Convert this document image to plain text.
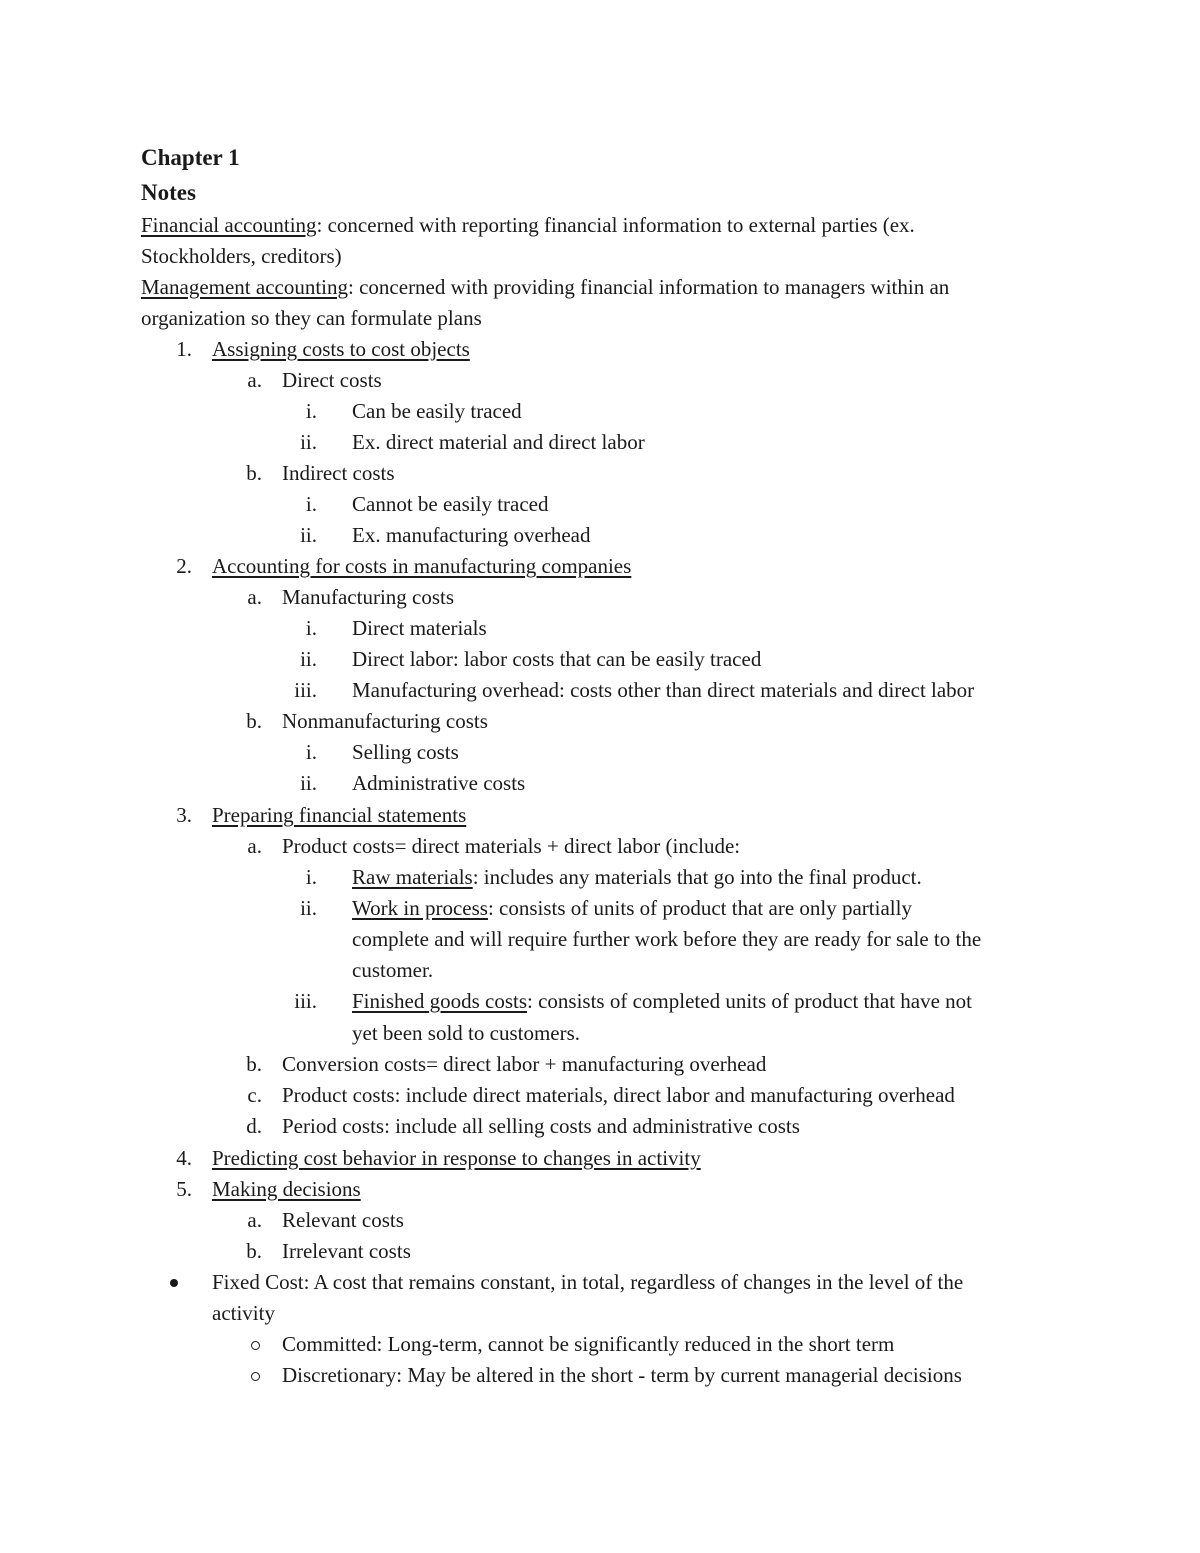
Chapter 1
Notes
Financial accounting: concerned with reporting financial information to external parties (ex.
Stockholders, creditors)
Management accounting: concerned with providing financial information to managers within an
organization so they can formulate plans
1. Assigning costs to cost objects
a. Direct costs
i. Can be easily traced
ii. Ex. direct material and direct labor
b. Indirect costs
i. Cannot be easily traced
ii. Ex. manufacturing overhead
2. Accounting for costs in manufacturing companies
a. Manufacturing costs
i. Direct materials
ii. Direct labor: labor costs that can be easily traced
iii. Manufacturing overhead: costs other than direct materials and direct labor
b. Nonmanufacturing costs
i. Selling costs
ii. Administrative costs
3. Preparing financial statements
a. Product costs= direct materials + direct labor (include:
i. Raw materials: includes any materials that go into the final product.
ii. Work in process: consists of units of product that are only partially
complete and will require further work before they are ready for sale to the
customer.
iii. Finished goods costs: consists of completed units of product that have not
yet been sold to customers.
b. Conversion costs= direct labor + manufacturing overhead
c. Product costs: include direct materials, direct labor and manufacturing overhead
d. Period costs: include all selling costs and administrative costs
4. Predicting cost behavior in response to changes in activity
5. Making decisions
a. Relevant costs
b. Irrelevant costs
Fixed Cost: A cost that remains constant, in total, regardless of changes in the level of the
activity
Committed: Long-term, cannot be significantly reduced in the short term
Discretionary: May be altered in the short - term by current managerial decisions
